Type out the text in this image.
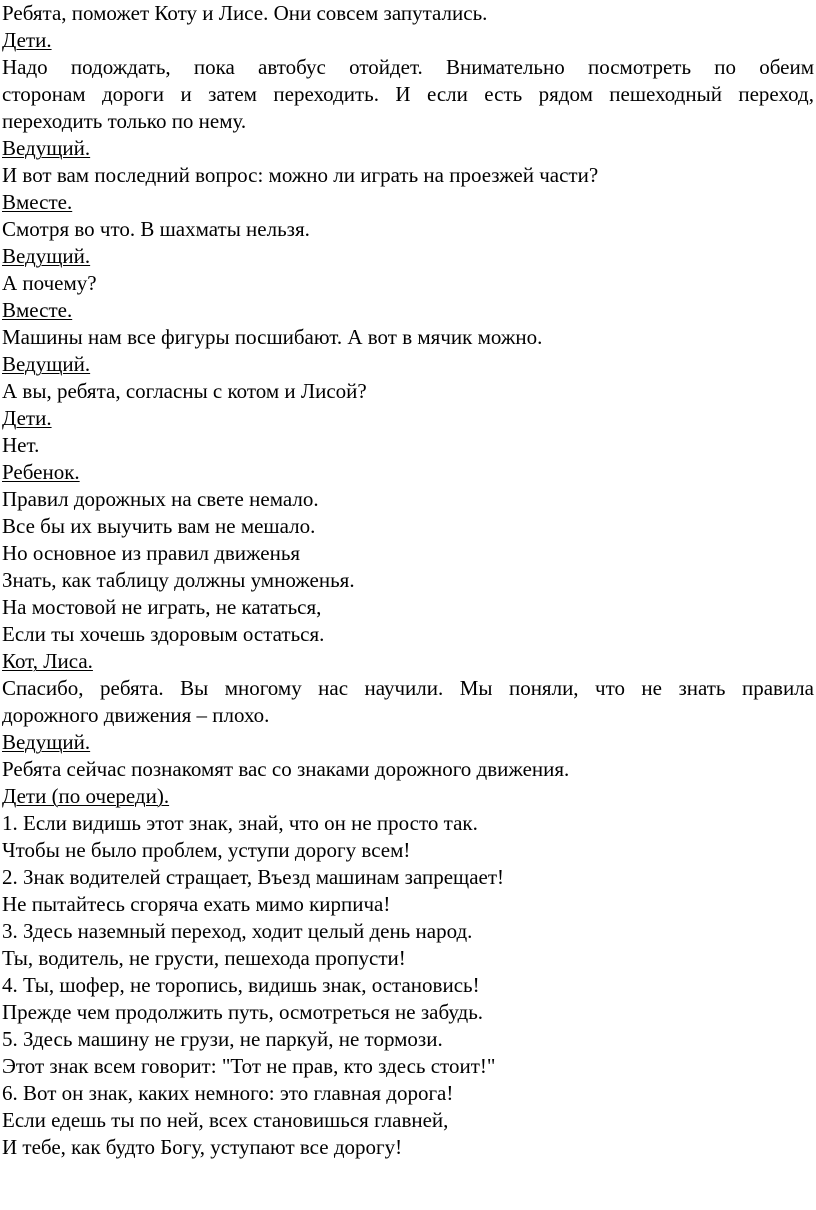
Ребята, поможет Коту и Лисе. Они совсем запутались.
Дети.
Надо подождать, пока автобус отойдет. Внимательно посмотреть по обеим
сторонам дороги и затем переходить. И если есть рядом пешеходный переход,
переходить только по нему.
Ведущий.
И вот вам последний вопрос: можно ли играть на проезжей части?
Вместе.
Смотря во что. В шахматы нельзя.
Ведущий.
А почему?
Вместе.
Машины нам все фигуры посшибают. А вот в мячик можно.
Ведущий.
А вы, ребята, согласны с котом и Лисой?
Дети.
Нет.
Ребенок.
Правил дорожных на свете немало.
Все бы их выучить вам не мешало.
Но основное из правил движенья
Знать, как таблицу должны умноженья.
На мостовой не играть, не кататься,
Если ты хочешь здоровым остаться.
Кот, Лиса.
Спасибо, ребята. Вы многому нас научили. Мы поняли, что не знать правила
дорожного движения – плохо.
Ведущий.
Ребята сейчас познакомят вас со знаками дорожного движения.
Дети (по очереди).
1. Если видишь этот знак, знай, что он не просто так.
Чтобы не было проблем, уступи дорогу всем!
2. Знак водителей стращает, Въезд машинам запрещает!
Не пытайтесь сгоряча ехать мимо кирпича!
3. Здесь наземный переход, ходит целый день народ.
Ты, водитель, не грусти, пешехода пропусти!
4. Ты, шофер, не торопись, видишь знак, остановись!
Прежде чем продолжить путь, осмотреться не забудь.
5. Здесь машину не грузи, не паркуй, не тормози.
Этот знак всем говорит: "Тот не прав, кто здесь стоит!"
6. Вот он знак, каких немного: это главная дорога!
Если едешь ты по ней, всех становишься главней,
И тебе, как будто Богу, уступают все дорогу!
